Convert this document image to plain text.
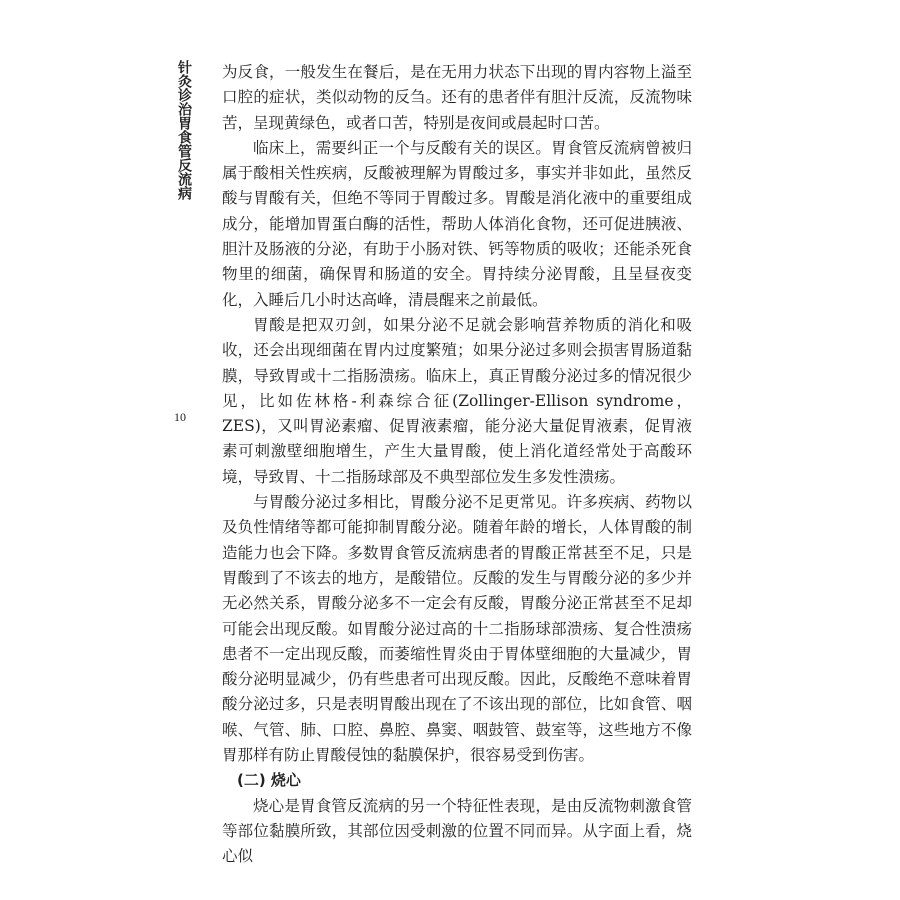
针灸诊治胃食管反流病
10

为反食，一般发生在餐后，是在无用力状态下出现的胃内容物上溢至口腔的症状，类似动物的反刍。还有的患者伴有胆汁反流，反流物味苦，呈现黄绿色，或者口苦，特别是夜间或晨起时口苦。

临床上，需要纠正一个与反酸有关的误区。胃食管反流病曾被归属于酸相关性疾病，反酸被理解为胃酸过多，事实并非如此，虽然反酸与胃酸有关，但绝不等同于胃酸过多。胃酸是消化液中的重要组成成分，能增加胃蛋白酶的活性，帮助人体消化食物，还可促进胰液、胆汁及肠液的分泌，有助于小肠对铁、钙等物质的吸收；还能杀死食物里的细菌，确保胃和肠道的安全。胃持续分泌胃酸，且呈昼夜变化，入睡后几小时达高峰，清晨醒来之前最低。

胃酸是把双刃剑，如果分泌不足就会影响营养物质的消化和吸收，还会出现细菌在胃内过度繁殖；如果分泌过多则会损害胃肠道黏膜，导致胃或十二指肠溃疡。临床上，真正胃酸分泌过多的情况很少见，比如佐林格-利森综合征(Zollinger-Ellison syndrome，ZES)，又叫胃泌素瘤、促胃液素瘤，能分泌大量促胃液素，促胃液素可刺激壁细胞增生，产生大量胃酸，使上消化道经常处于高酸环境，导致胃、十二指肠球部及不典型部位发生多发性溃疡。

与胃酸分泌过多相比，胃酸分泌不足更常见。许多疾病、药物以及负性情绪等都可能抑制胃酸分泌。随着年龄的增长，人体胃酸的制造能力也会下降。多数胃食管反流病患者的胃酸正常甚至不足，只是胃酸到了不该去的地方，是酸错位。反酸的发生与胃酸分泌的多少并无必然关系，胃酸分泌多不一定会有反酸，胃酸分泌正常甚至不足却可能会出现反酸。如胃酸分泌过高的十二指肠球部溃疡、复合性溃疡患者不一定出现反酸，而萎缩性胃炎由于胃体壁细胞的大量减少，胃酸分泌明显减少，仍有些患者可出现反酸。因此，反酸绝不意味着胃酸分泌过多，只是表明胃酸出现在了不该出现的部位，比如食管、咽喉、气管、肺、口腔、鼻腔、鼻窦、咽鼓管、鼓室等，这些地方不像胃那样有防止胃酸侵蚀的黏膜保护，很容易受到伤害。

(二) 烧心

烧心是胃食管反流病的另一个特征性表现，是由反流物刺激食管等部位黏膜所致，其部位因受刺激的位置不同而异。从字面上看，烧心似
